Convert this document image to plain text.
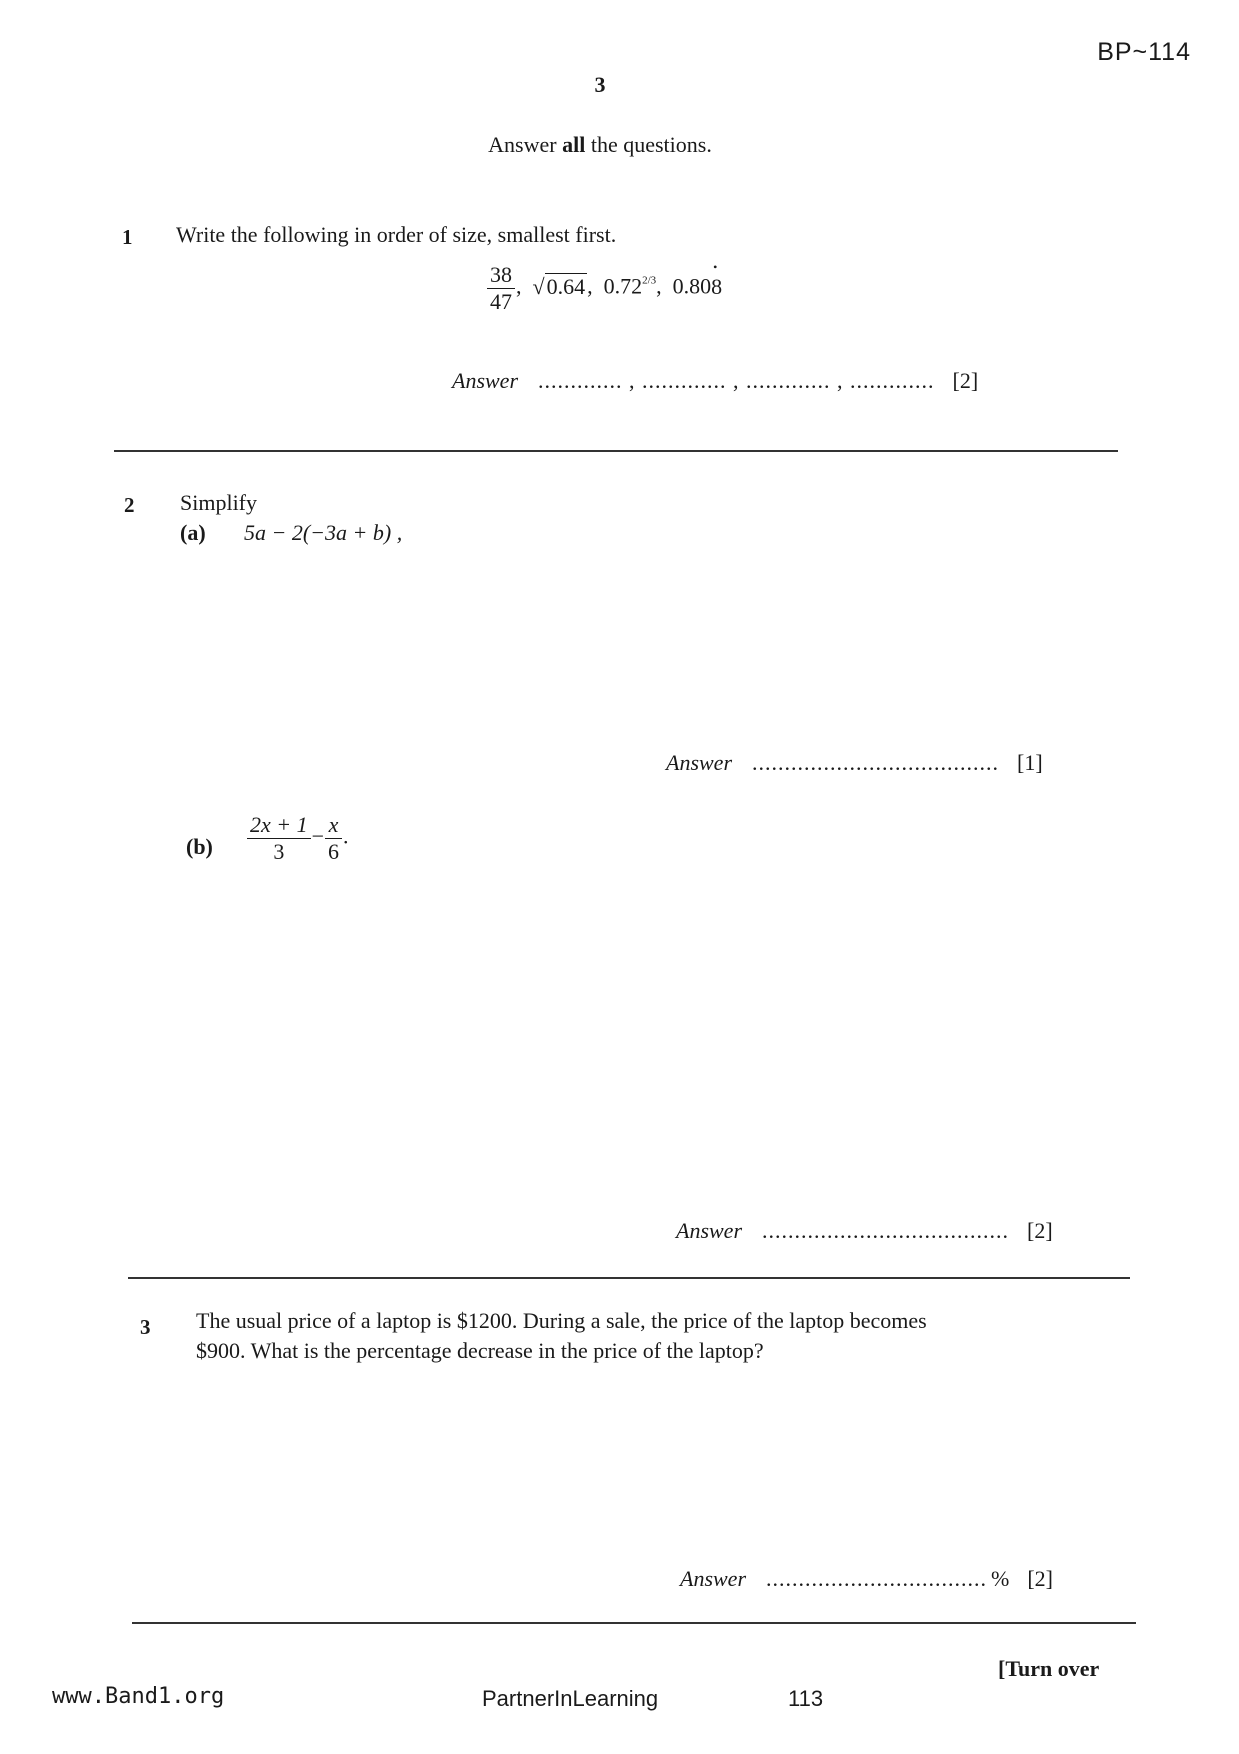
BP~114
3
Answer all the questions.
1 Write the following in order of size, smallest first.
$\frac{38}{47}$ ,  √0.64,  $0.72^{2/3}$,  0.80• 8
Answer ............. , ............. , ............. , ............. [2]
2 Simplify
(a) 5a − 2(−3a + b) ,
Answer ...................................... [1]
$(b) \frac{2x + 1}{3} - \frac{x}{6}$ .
Answer ...................................... [2]
3 The usual price of a laptop is $1200. During a sale, the price of the laptop becomes
$900. What is the percentage decrease in the price of the laptop?
Answer .................................. % [2]
[Turn over
www.Band1.org	PartnerInLearning	113
